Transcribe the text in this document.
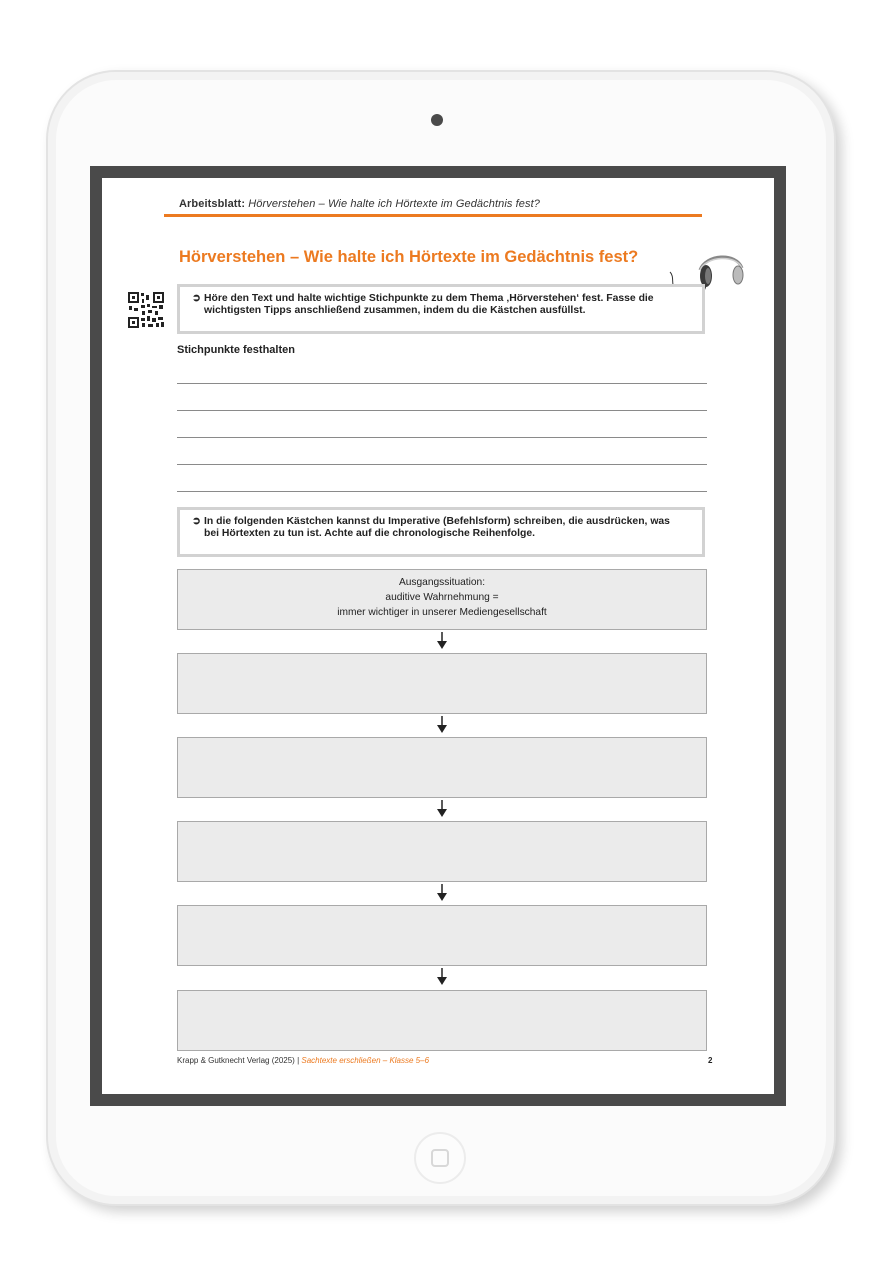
Arbeitsblatt: Hörverstehen – Wie halte ich Hörtexte im Gedächtnis fest?
Hörverstehen – Wie halte ich Hörtexte im Gedächtnis fest?
➲ Höre den Text und halte wichtige Stichpunkte zu dem Thema ‚Hörverstehen‘ fest. Fasse die
wichtigsten Tipps anschließend zusammen, indem du die Kästchen ausfüllst.
Stichpunkte festhalten
➲ In die folgenden Kästchen kannst du Imperative (Befehlsform) schreiben, die ausdrücken, was
bei Hörtexten zu tun ist. Achte auf die chronologische Reihenfolge.
Ausgangssituation:
auditive Wahrnehmung =
immer wichtiger in unserer Mediengesellschaft
Krapp & Gutknecht Verlag (2025) | Sachtexte erschließen – Klasse 5–6	2
